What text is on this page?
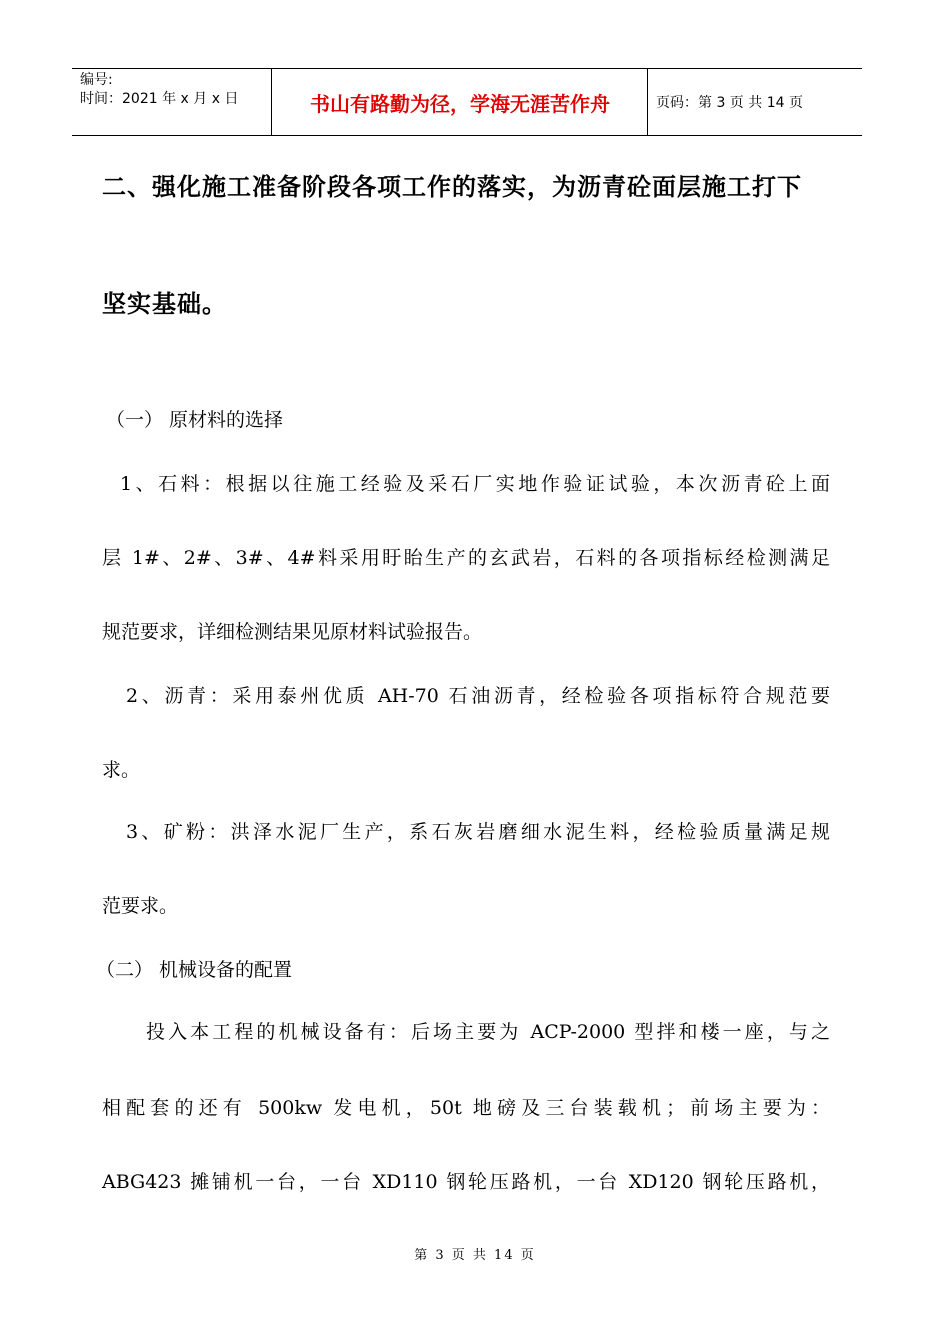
编号:
时间：2021 年 x 月 x 日	书山有路勤为径，学海无涯苦作舟	页码：第 3 页 共 14 页
二、强化施工准备阶段各项工作的落实，为沥青砼面层施工打下
坚实基础。
（一） 原材料的选择
1、石料：根据以往施工经验及采石厂实地作验证试验，本次沥青砼上面
层 1#、2#、3#、4#料采用盱眙生产的玄武岩，石料的各项指标经检测满足
规范要求，详细检测结果见原材料试验报告。
2、沥青：采用泰州优质 AH-70 石油沥青，经检验各项指标符合规范要
求。
3、矿粉：洪泽水泥厂生产，系石灰岩磨细水泥生料，经检验质量满足规
范要求。
（二） 机械设备的配置
投入本工程的机械设备有：后场主要为 ACP-2000 型拌和楼一座，与之
相配套的还有 500kw 发电机，50t 地磅及三台装载机；前场主要为：
ABG423 摊铺机一台，一台 XD110 钢轮压路机，一台 XD120 钢轮压路机，
第 3 页 共 14 页
